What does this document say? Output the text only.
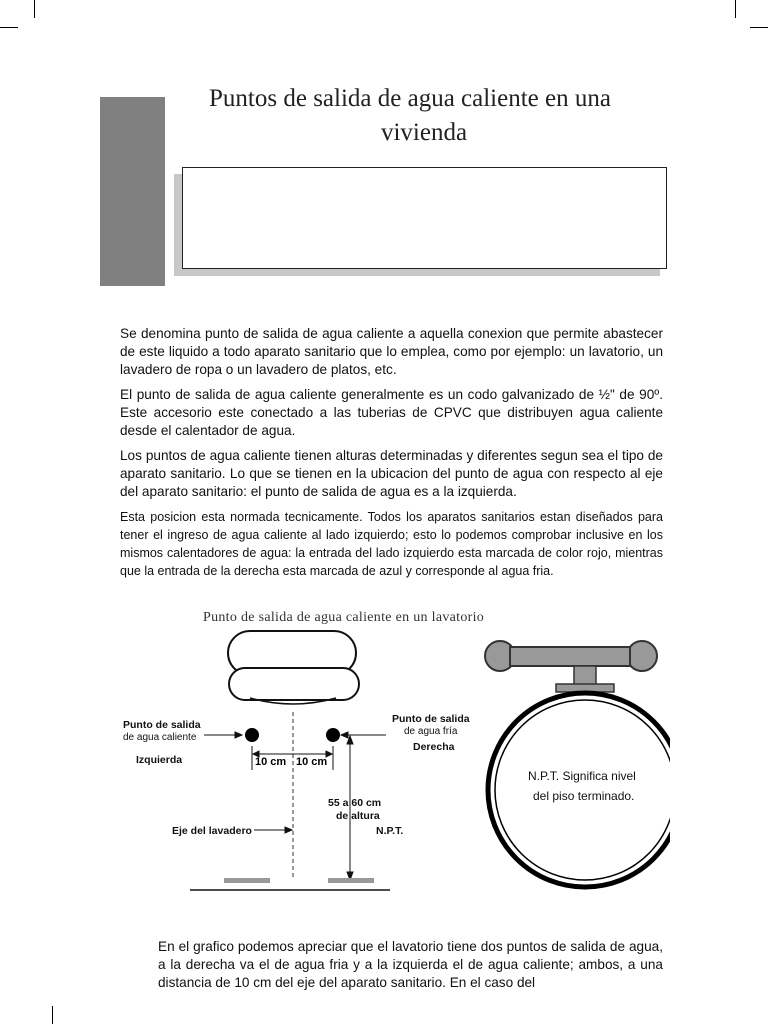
Puntos de salida de agua caliente en una
vivienda

Se denomina punto de salida de agua caliente a aquella conexion que permite abastecer de este liquido a todo aparato sanitario que lo emplea, como por ejemplo: un lavatorio, un lavadero de ropa o un lavadero de platos, etc.

El punto de salida de agua caliente generalmente es un codo galvanizado de ½" de 90º. Este accesorio este conectado a las tuberias de CPVC que distribuyen agua caliente desde el calentador de agua.

Los puntos de agua caliente tienen alturas determinadas y diferentes segun sea el tipo de aparato sanitario. Lo que se tienen en la ubicacion del punto de agua con respecto al eje del aparato sanitario: el punto de salida de agua es a la izquierda.

Esta posicion esta normada tecnicamente. Todos los aparatos sanitarios estan diseñados para tener el ingreso de agua caliente al lado izquierdo; esto lo podemos comprobar inclusive en los mismos calentadores de agua: la entrada del lado izquierdo esta marcada de color rojo, mientras que la entrada de la derecha esta marcada de azul y corresponde al agua fria.

Punto de salida de agua caliente en un lavatorio
10 cm 10 cm
Punto de salida
de agua caliente
Izquierda
Punto de salida
de agua fría
Derecha
55 a 60 cm
de altura
Eje del lavadero	N.P.T.
N.P.T. Significa nivel
del piso terminado.

En el grafico podemos apreciar que el lavatorio tiene dos puntos de salida de agua, a la derecha va el de agua fria y a la izquierda el de agua caliente; ambos, a una distancia de 10 cm del eje del aparato sanitario. En el caso del
